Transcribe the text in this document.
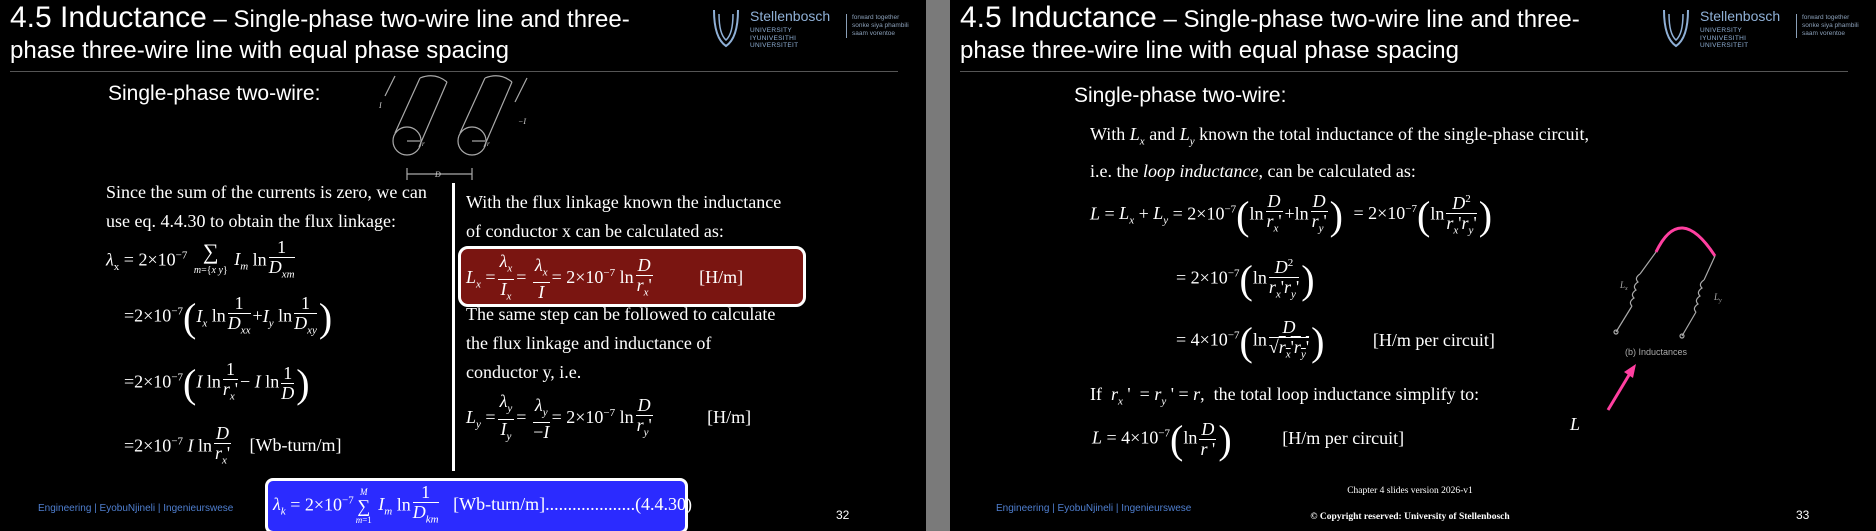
4.5 Inductance – Single-phase two-wire line and three-
phase three-wire line with equal phase spacing
Stellenbosch
UNIVERSITY
IYUNIVESITHI
UNIVERSITEIT
forward together
sonke siya phambili
saam vorentoe
Single-phase two-wire:
I
−I
r	r
D
Since the sum of the currents is zero, we can
use eq. 4.4.30 to obtain the flux linkage:
$\lambda_x = 2\times 10^{-7}$ ∑
m={x y}
$I_m$ ln
1
$D_{xm}$
$=2\times 10^{-7}(I_x$ ln
1
$D_{xx}$
$+I_y$ ln
1
$D_{xy}$ )
$=2\times 10^{-7}(I$ $\ln \frac{1}{r_x'} - I$ $\ln \frac{1}{D}$ )
$=2\times 10^{-7}$ I $\ln \frac{D}{r_x'}$ [Wb-turn/m]
With the flux linkage known the inductance
of conductor x can be calculated as:
$L_x = \frac{\lambda_x}{I_x} = \frac{\lambda_x}{I} = 2\times 10^{-7}$ $\ln \frac{D}{r_x'}$	[H/m]
The same step can be followed to calculate
the flux linkage and inductance of
conductor y, i.e.
$L_y = \frac{\lambda_y}{I_y} = \frac{\lambda_y}{-I} = 2\times 10^{-7}$ $\ln \frac{D}{r_y'}$	[H/m]
$\lambda_k = 2\times 10^{-7}$
M
∑
m=1
$I_m$ ln
1
$D_{km}$
[Wb-turn/m]....................(4.4.30)
Engineering | EyobuNjineli | Ingenieurswese	32
4.5 Inductance – Single-phase two-wire line and three-
phase three-wire line with equal phase spacing
Stellenbosch
UNIVERSITY
IYUNIVESITHI
UNIVERSITEIT
forward together
sonke siya phambili
saam vorentoe
Single-phase two-wire:
With $L_x$ and $L_y$ known the total inductance of the single-phase circuit,
i.e. the loop inductance, can be calculated as:
$L = L_x + L_y = 2\times 10^{-7}(\ln \frac{D}{r_x'} +\ln \frac{D}{r_y'}$ ) = $2\times 10^{-7}(\ln \frac{D^2}{r_x'r_y'}$ )
= $2\times 10^{-7}(\ln \frac{D^2}{r_x'r_y'}$ )
= $4\times 10^{-7}(\ln \frac{D}{√r_x'r_y'}$ )	[H/m per circuit]
If $r_x$ '  = $r_y$ ' = r,  the total loop inductance simplify to:
$L = 4\times 10^{-7}(\ln \frac{D}{r '}$ )	[H/m per circuit]
$L_x$
$L_y$
(b) Inductances
L
Chapter 4 slides version 2026-v1
© Copyright reserved: University of Stellenbosch
Engineering | EyobuNjineli | Ingenieurswese	33
